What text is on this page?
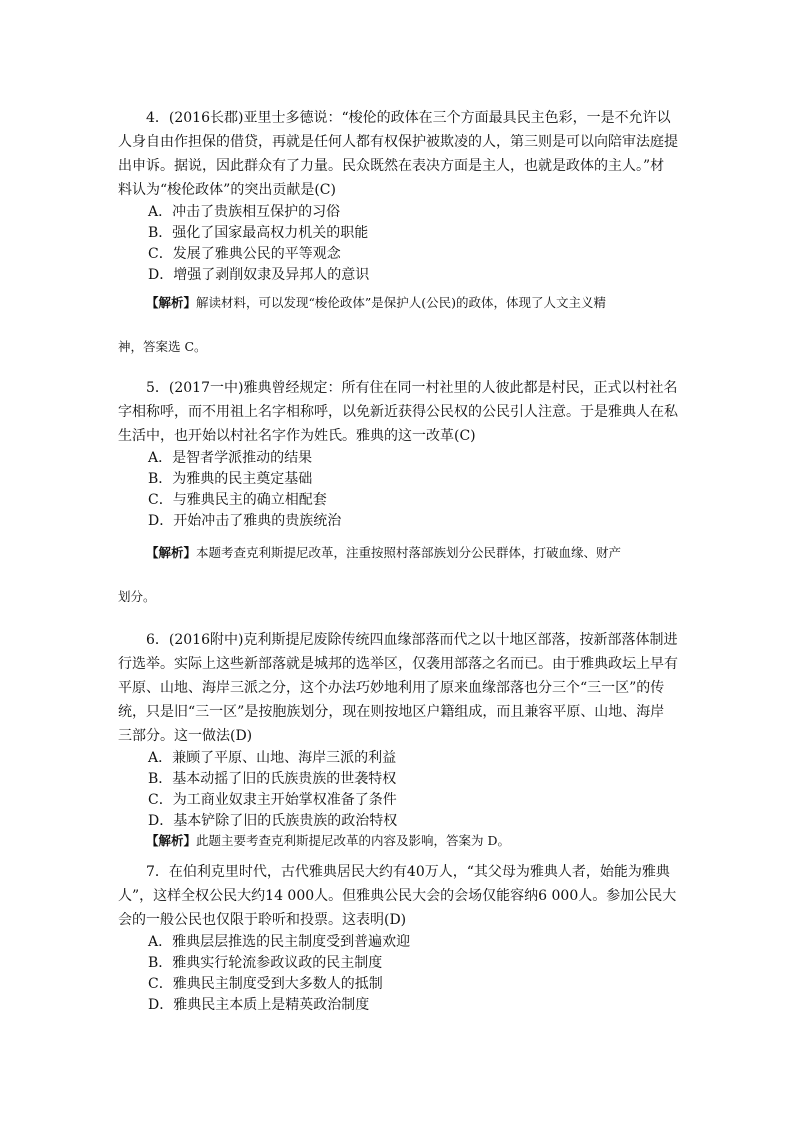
4．(2016长郡)亚里士多德说：“梭伦的政体在三个方面最具民主色彩，一是不允许以人身自由作担保的借贷，再就是任何人都有权保护被欺凌的人，第三则是可以向陪审法庭提出申诉。据说，因此群众有了力量。民众既然在表决方面是主人，也就是政体的主人。”材料认为“梭伦政体”的突出贡献是(C)

A．冲击了贵族相互保护的习俗

B．强化了国家最高权力机关的职能

C．发展了雅典公民的平等观念

D．增强了剥削奴隶及异邦人的意识

【解析】解读材料，可以发现“梭伦政体”是保护人(公民)的政体，体现了人文主义精
神，答案选 C。

5．(2017一中)雅典曾经规定：所有住在同一村社里的人彼此都是村民，正式以村社名字相称呼，而不用祖上名字相称呼，以免新近获得公民权的公民引人注意。于是雅典人在私生活中，也开始以村社名字作为姓氏。雅典的这一改革(C)

A．是智者学派推动的结果

B．为雅典的民主奠定基础

C．与雅典民主的确立相配套

D．开始冲击了雅典的贵族统治

【解析】本题考查克利斯提尼改革，注重按照村落部族划分公民群体，打破血缘、财产
划分。

6．(2016附中)克利斯提尼废除传统四血缘部落而代之以十地区部落，按新部落体制进行选举。实际上这些新部落就是城邦的选举区，仅袭用部落之名而已。由于雅典政坛上早有平原、山地、海岸三派之分，这个办法巧妙地利用了原来血缘部落也分三个“三一区”的传统，只是旧“三一区”是按胞族划分，现在则按地区户籍组成，而且兼容平原、山地、海岸三部分。这一做法(D)

A．兼顾了平原、山地、海岸三派的利益

B．基本动摇了旧的氏族贵族的世袭特权

C．为工商业奴隶主开始掌权准备了条件

D．基本铲除了旧的氏族贵族的政治特权

【解析】此题主要考查克利斯提尼改革的内容及影响，答案为 D。

7．在伯利克里时代，古代雅典居民大约有40万人，“其父母为雅典人者，始能为雅典人”，这样全权公民大约14 000人。但雅典公民大会的会场仅能容纳6 000人。参加公民大会的一般公民也仅限于聆听和投票。这表明(D)

A．雅典层层推选的民主制度受到普遍欢迎

B．雅典实行轮流参政议政的民主制度

C．雅典民主制度受到大多数人的抵制

D．雅典民主本质上是精英政治制度
